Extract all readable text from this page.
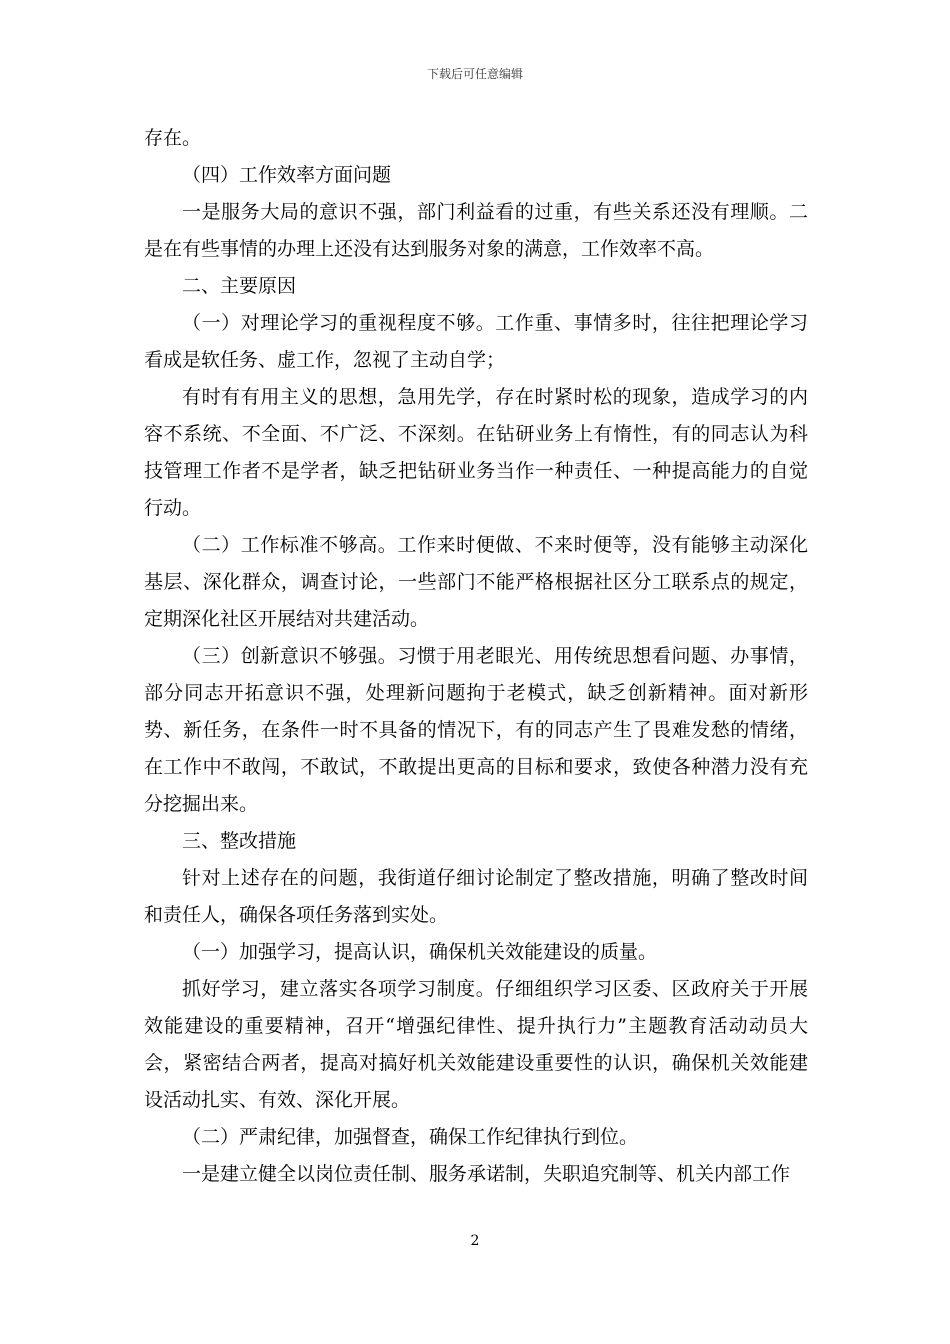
下载后可任意编辑

存在。

（四）工作效率方面问题

一是服务大局的意识不强，部门利益看的过重，有些关系还没有理顺。二是在有些事情的办理上还没有达到服务对象的满意，工作效率不高。

二、主要原因

（一）对理论学习的重视程度不够。工作重、事情多时，往往把理论学习看成是软任务、虚工作，忽视了主动自学；

有时有有用主义的思想，急用先学，存在时紧时松的现象，造成学习的内容不系统、不全面、不广泛、不深刻。在钻研业务上有惰性，有的同志认为科技管理工作者不是学者，缺乏把钻研业务当作一种责任、一种提高能力的自觉行动。

（二）工作标准不够高。工作来时便做、不来时便等，没有能够主动深化基层、深化群众，调查讨论，一些部门不能严格根据社区分工联系点的规定，定期深化社区开展结对共建活动。

（三）创新意识不够强。习惯于用老眼光、用传统思想看问题、办事情，部分同志开拓意识不强，处理新问题拘于老模式，缺乏创新精神。面对新形势、新任务，在条件一时不具备的情况下，有的同志产生了畏难发愁的情绪，在工作中不敢闯，不敢试，不敢提出更高的目标和要求，致使各种潜力没有充分挖掘出来。

三、整改措施

针对上述存在的问题，我街道仔细讨论制定了整改措施，明确了整改时间和责任人，确保各项任务落到实处。

（一）加强学习，提高认识，确保机关效能建设的质量。

抓好学习，建立落实各项学习制度。仔细组织学习区委、区政府关于开展效能建设的重要精神，召开“增强纪律性、提升执行力”主题教育活动动员大会，紧密结合两者，提高对搞好机关效能建设重要性的认识，确保机关效能建设活动扎实、有效、深化开展。

（二）严肃纪律，加强督查，确保工作纪律执行到位。

一是建立健全以岗位责任制、服务承诺制，失职追究制等、机关内部工作

2
